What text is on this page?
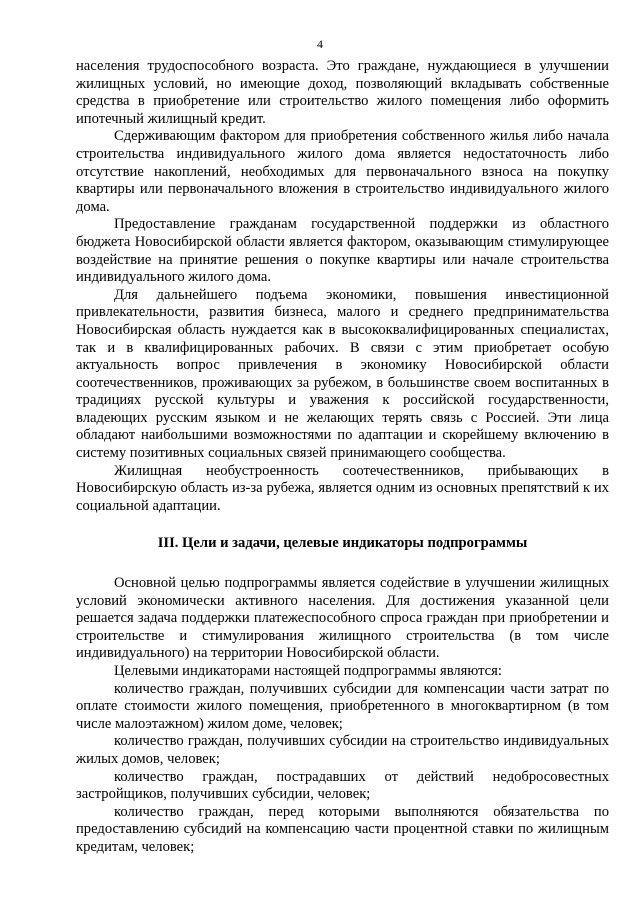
4

населения трудоспособного возраста. Это граждане, нуждающиеся в улучшении жилищных условий, но имеющие доход, позволяющий вкладывать собственные средства в приобретение или строительство жилого помещения либо оформить ипотечный жилищный кредит.

Сдерживающим фактором для приобретения собственного жилья либо начала строительства индивидуального жилого дома является недостаточность либо отсутствие накоплений, необходимых для первоначального взноса на покупку квартиры или первоначального вложения в строительство индивидуального жилого дома.

Предоставление гражданам государственной поддержки из областного бюджета Новосибирской области является фактором, оказывающим стимулирующее воздействие на принятие решения о покупке квартиры или начале строительства индивидуального жилого дома.

Для дальнейшего подъема экономики, повышения инвестиционной привлекательности, развития бизнеса, малого и среднего предпринимательства Новосибирская область нуждается как в высококвалифицированных специалистах, так и в квалифицированных рабочих. В связи с этим приобретает особую актуальность вопрос привлечения в экономику Новосибирской области соотечественников, проживающих за рубежом, в большинстве своем воспитанных в традициях русской культуры и уважения к российской государственности, владеющих русским языком и не желающих терять связь с Россией. Эти лица обладают наибольшими возможностями по адаптации и скорейшему включению в систему позитивных социальных связей принимающего сообщества.

Жилищная необустроенность соотечественников, прибывающих в Новосибирскую область из-за рубежа, является одним из основных препятствий к их социальной адаптации.

III. Цели и задачи, целевые индикаторы подпрограммы

Основной целью подпрограммы является содействие в улучшении жилищных условий экономически активного населения. Для достижения указанной цели решается задача поддержки платежеспособного спроса граждан при приобретении и строительстве и стимулирования жилищного строительства (в том числе индивидуального) на территории Новосибирской области.

Целевыми индикаторами настоящей подпрограммы являются:

количество граждан, получивших субсидии для компенсации части затрат по оплате стоимости жилого помещения, приобретенного в многоквартирном (в том числе малоэтажном) жилом доме, человек;

количество граждан, получивших субсидии на строительство индивидуальных жилых домов, человек;

количество граждан, пострадавших от действий недобросовестных застройщиков, получивших субсидии, человек;

количество граждан, перед которыми выполняются обязательства по предоставлению субсидий на компенсацию части процентной ставки по жилищным кредитам, человек;
